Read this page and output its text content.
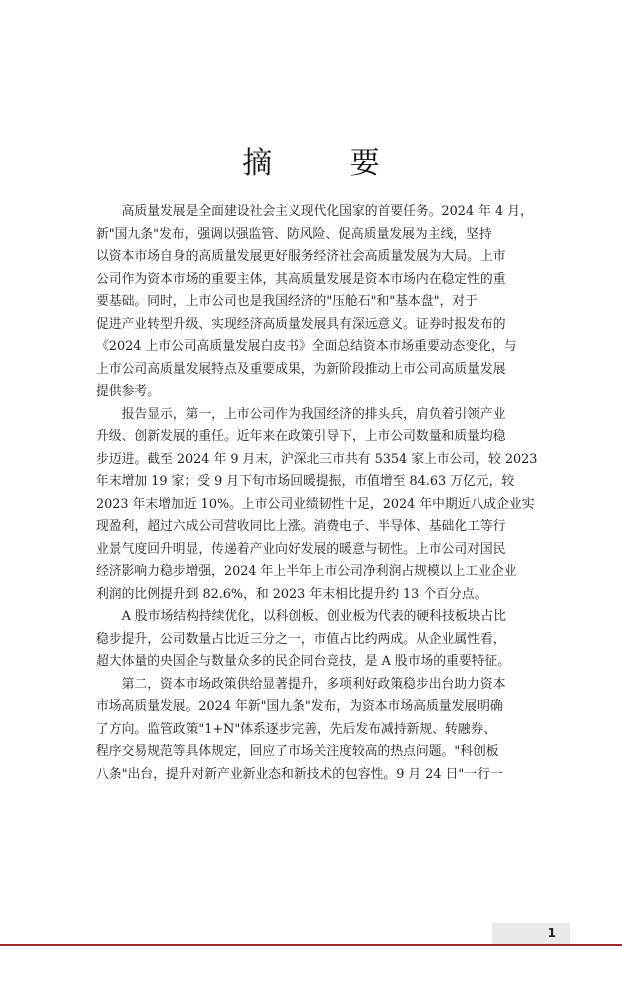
摘 要
　　高质量发展是全面建设社会主义现代化国家的首要任务。2024 年 4 月，
新"国九条"发布，强调以强监管、防风险、促高质量发展为主线，坚持
以资本市场自身的高质量发展更好服务经济社会高质量发展为大局。上市
公司作为资本市场的重要主体，其高质量发展是资本市场内在稳定性的重
要基础。同时，上市公司也是我国经济的"压舱石"和"基本盘"，对于
促进产业转型升级、实现经济高质量发展具有深远意义。证券时报发布的
《2024 上市公司高质量发展白皮书》全面总结资本市场重要动态变化，与
上市公司高质量发展特点及重要成果，为新阶段推动上市公司高质量发展
提供参考。
　　报告显示，第一，上市公司作为我国经济的排头兵，肩负着引领产业
升级、创新发展的重任。近年来在政策引导下，上市公司数量和质量均稳
步迈进。截至 2024 年 9 月末，沪深北三市共有 5354 家上市公司，较 2023
年末增加 19 家；受 9 月下旬市场回暖提振，市值增至 84.63 万亿元，较
2023 年末增加近 10%。上市公司业绩韧性十足，2024 年中期近八成企业实
现盈利，超过六成公司营收同比上涨。消费电子、半导体、基础化工等行
业景气度回升明显，传递着产业向好发展的暖意与韧性。上市公司对国民
经济影响力稳步增强，2024 年上半年上市公司净利润占规模以上工业企业
利润的比例提升到 82.6%，和 2023 年末相比提升约 13 个百分点。
　　A 股市场结构持续优化，以科创板、创业板为代表的硬科技板块占比
稳步提升，公司数量占比近三分之一，市值占比约两成。从企业属性看，
超大体量的央国企与数量众多的民企同台竞技，是 A 股市场的重要特征。
　　第二，资本市场政策供给显著提升，多项利好政策稳步出台助力资本
市场高质量发展。2024 年新"国九条"发布，为资本市场高质量发展明确
了方向。监管政策"1+N"体系逐步完善，先后发布减持新规、转融券、
程序交易规范等具体规定，回应了市场关注度较高的热点问题。"科创板
八条"出台，提升对新产业新业态和新技术的包容性。9 月 24 日"一行一
1
